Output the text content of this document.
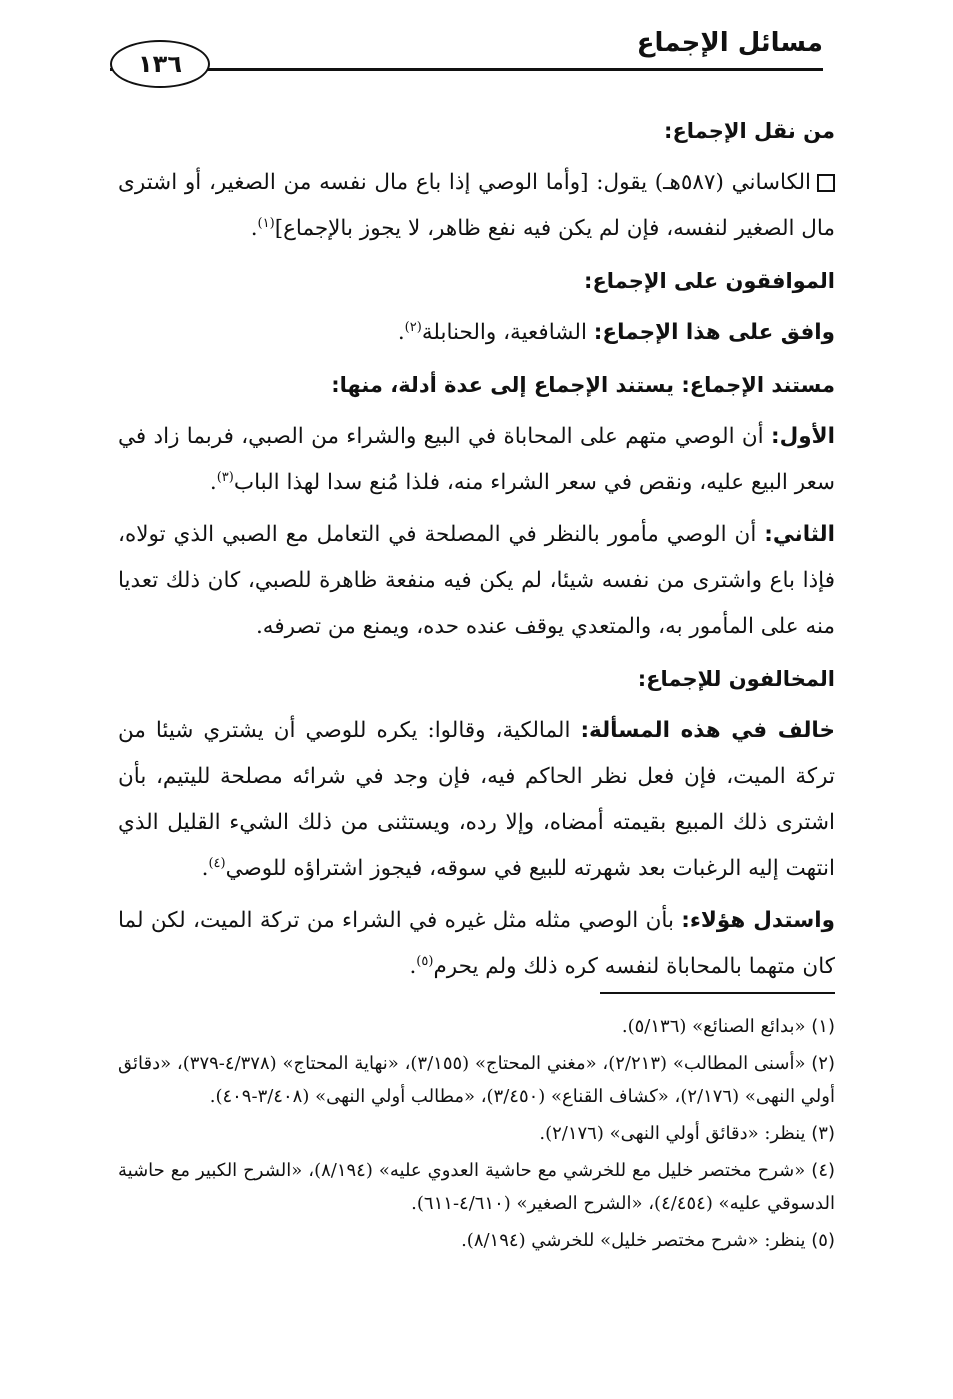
١٣٦
مسائل الإجماع

من نقل الإجماع:

الكاساني (٥٨٧هـ) يقول: [وأما الوصي إذا باع مال نفسه من الصغير، أو اشترى مال الصغير لنفسه، فإن لم يكن فيه نفع ظاهر، لا يجوز بالإجماع]$^{(١)}$.

الموافقون على الإجماع:

وافق على هذا الإجماع: الشافعية، والحنابلة$^{(٢)}$.

مستند الإجماع: يستند الإجماع إلى عدة أدلة، منها:

الأول: أن الوصي متهم على المحاباة في البيع والشراء من الصبي، فربما زاد في سعر البيع عليه، ونقص في سعر الشراء منه، فلذا مُنع سدا لهذا الباب$^{(٣)}$.

الثاني: أن الوصي مأمور بالنظر في المصلحة في التعامل مع الصبي الذي تولاه، فإذا باع واشترى من نفسه شيئا، لم يكن فيه منفعة ظاهرة للصبي، كان ذلك تعديا منه على المأمور به، والمتعدي يوقف عنده حده، ويمنع من تصرفه.

المخالفون للإجماع:

خالف في هذه المسألة: المالكية، وقالوا: يكره للوصي أن يشتري شيئا من تركة الميت، فإن فعل نظر الحاكم فيه، فإن وجد في شرائه مصلحة لليتيم، بأن اشترى ذلك المبيع بقيمته أمضاه، وإلا رده، ويستثنى من ذلك الشيء القليل الذي انتهت إليه الرغبات بعد شهرته للبيع في سوقه، فيجوز اشتراؤه للوصي$^{(٤)}$.

واستدل هؤلاء: بأن الوصي مثله مثل غيره في الشراء من تركة الميت، لكن لما كان متهما بالمحاباة لنفسه كره ذلك ولم يحرم$^{(٥)}$.

(١) «بدائع الصنائع» (٥/١٣٦).

(٢) «أسنى المطالب» (٢/٢١٣)، «مغني المحتاج» (٣/١٥٥)، «نهاية المحتاج» (٤/٣٧٨-٣٧٩)، «دقائق أولي النهى» (٢/١٧٦)، «كشاف القناع» (٣/٤٥٠)، «مطالب أولي النهى» (٣/٤٠٨-٤٠٩).

(٣) ينظر: «دقائق أولي النهى» (٢/١٧٦).

(٤) «شرح مختصر خليل مع للخرشي مع حاشية العدوي عليه» (٨/١٩٤)، «الشرح الكبير مع حاشية الدسوقي عليه» (٤/٤٥٤)، «الشرح الصغير» (٤/٦١٠-٦١١).

(٥) ينظر: «شرح مختصر خليل» للخرشي (٨/١٩٤).
